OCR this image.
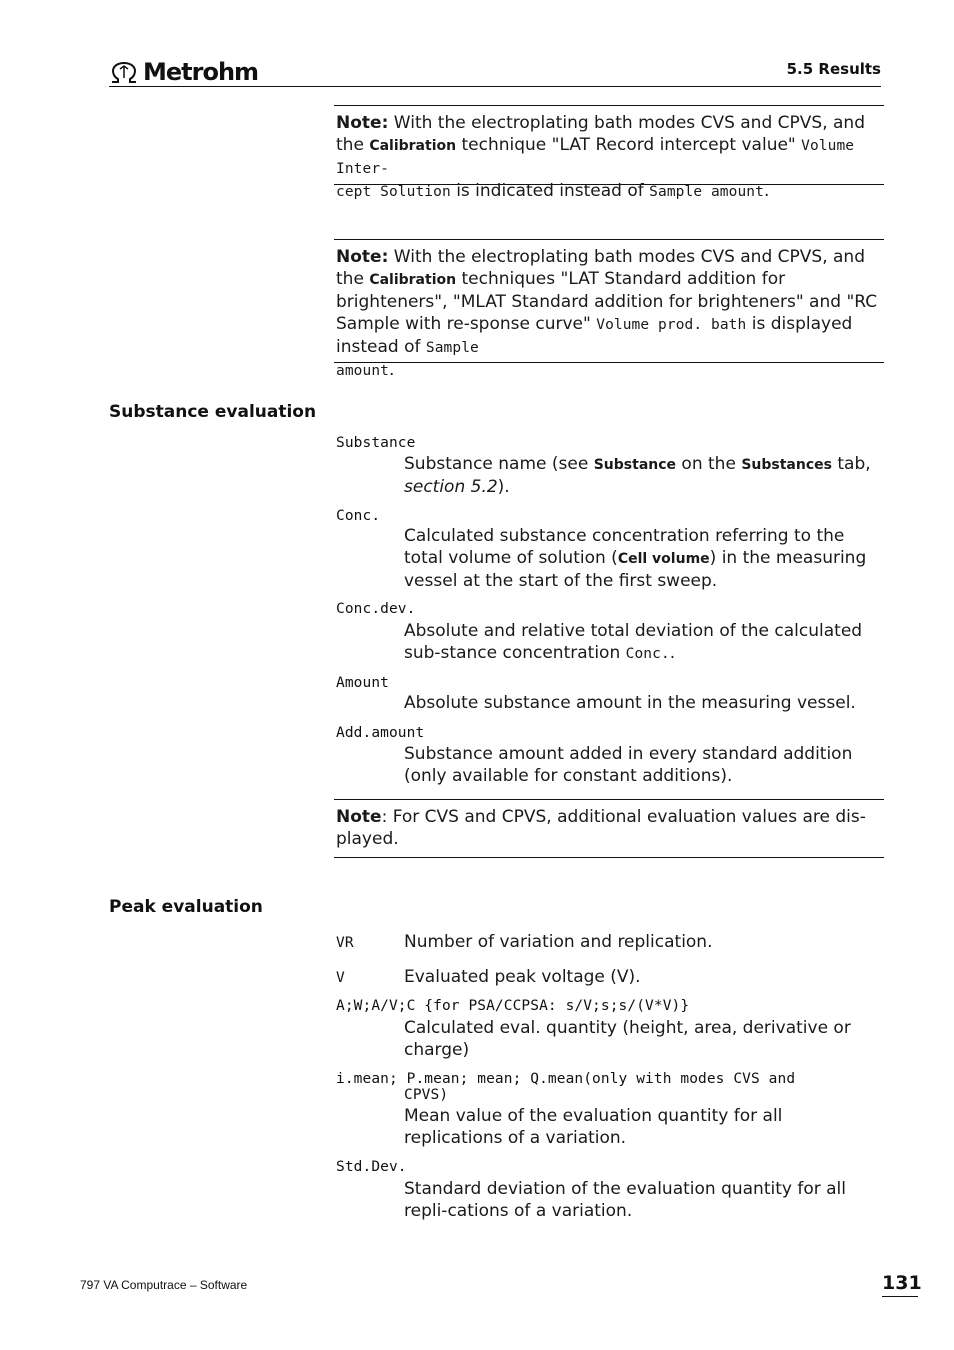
Metrohm	5.5 Results
Note: With the electroplating bath modes CVS and CPVS, and the Calibration technique "LAT Record intercept value" Volume Inter-
cept Solution is indicated instead of Sample amount.
Note: With the electroplating bath modes CVS and CPVS, and the Calibration techniques "LAT Standard addition for brighteners", "MLAT Standard addition for brighteners" and "RC Sample with re-sponse curve" Volume prod. bath is displayed instead of Sample
amount.
Substance evaluation
Substance
Substance name (see Substance on the Substances tab,
section 5.2).
Conc.
Calculated substance concentration referring to the total volume of solution (Cell volume) in the measuring vessel at the start of the first sweep.
Conc.dev.
Absolute and relative total deviation of the calculated sub-stance concentration Conc..
Amount
Absolute substance amount in the measuring vessel.
Add.amount
Substance amount added in every standard addition (only available for constant additions).
Note: For CVS and CPVS, additional evaluation values are dis-played.
Peak evaluation
VR	Number of variation and replication.
V	Evaluated peak voltage (V).
A;W;A/V;C {for PSA/CCPSA: s/V;s;s/(V*V)}
Calculated eval. quantity (height, area, derivative or charge)
i.mean; P.mean; mean; Q.mean(only with modes CVS and
CPVS)
Mean value of the evaluation quantity for all replications of a variation.
Std.Dev.
Standard deviation of the evaluation quantity for all repli-cations of a variation.
797 VA Computrace – Software	131
